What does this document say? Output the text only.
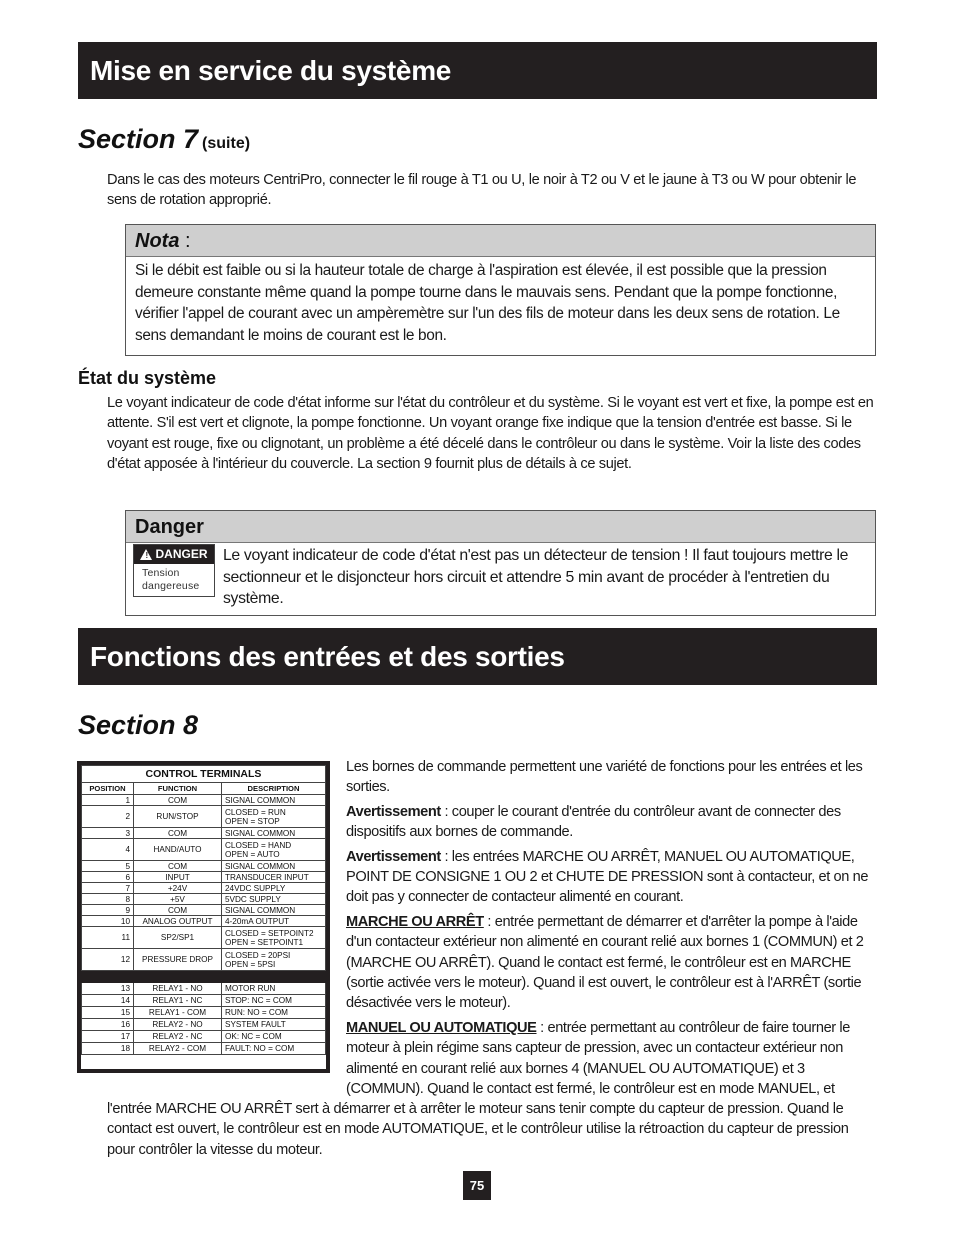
Mise en service du système
Section 7 (suite)
Dans le cas des moteurs CentriPro, connecter le fil rouge à T1 ou U, le noir à T2 ou V et le jaune à T3 ou W pour obtenir le sens de rotation approprié.
Nota :
Si le débit est faible ou si la hauteur totale de charge à l'aspiration est élevée, il est possible que la pression demeure constante même quand la pompe tourne dans le mauvais sens. Pendant que la pompe fonctionne, vérifier l'appel de courant avec un ampèremètre sur l'un des fils de moteur dans les deux sens de rotation. Le sens demandant le moins de courant est le bon.
État du système
Le voyant indicateur de code d'état informe sur l'état du contrôleur et du système. Si le voyant est vert et fixe, la pompe est en attente. S'il est vert et clignote, la pompe fonctionne. Un voyant orange fixe indique que la tension d'entrée est basse. Si le voyant est rouge, fixe ou clignotant, un problème a été décelé dans le contrôleur ou dans le système. Voir la liste des codes d'état apposée à l'intérieur du couvercle. La section 9 fournit plus de détails à ce sujet.
Danger
Le voyant indicateur de code d'état n'est pas un détecteur de tension ! Il faut toujours mettre le sectionneur et le disjoncteur hors circuit et attendre 5 min avant de procéder à l'entretien du système.
! DANGER
Tension
dangereuse
Fonctions des entrées et des sorties
Section 8
CONTROL TERMINALS		
POSITION	FUNCTION	DESCRIPTION
1	COM	SIGNAL COMMON

2	RUN/STOP	CLOSED = RUN
OPEN = STOP

3	COM	SIGNAL COMMON

4	HAND/AUTO	CLOSED = HAND
OPEN = AUTO

5	COM	SIGNAL COMMON

6	INPUT	TRANSDUCER INPUT

7	+24V	24VDC SUPPLY

8	+5V	5VDC SUPPLY

9	COM	SIGNAL COMMON

10	ANALOG OUTPUT	4-20mA OUTPUT

11	SP2/SP1	CLOSED = SETPOINT2
OPEN = SETPOINT1

12	PRESSURE DROP	CLOSED = 20PSI
OPEN = 5PSI

13	RELAY1 - NO	MOTOR RUN
14	RELAY1 - NC	STOP: NC = COM
15	RELAY1 - COM	RUN: NO = COM
16	RELAY2 - NO	SYSTEM FAULT
17	RELAY2 - NC	OK: NC = COM
18	RELAY2 - COM	FAULT: NO = COM

Les bornes de commande permettent une variété de fonctions pour les entrées et les sorties.

Avertissement : couper le courant d'entrée du contrôleur avant de connecter des dispositifs aux bornes de commande.

Avertissement : les entrées MARCHE OU ARRÊT, MANUEL OU AUTOMATIQUE, POINT DE CONSIGNE 1 OU 2 et CHUTE DE PRESSION sont à contacteur, et on ne doit pas y connecter de contacteur alimenté en courant.

MARCHE OU ARRÊT : entrée permettant de démarrer et d'arrêter la pompe à l'aide d'un contacteur extérieur non alimenté en courant relié aux bornes 1 (COMMUN) et 2 (MARCHE OU ARRÊT). Quand le contact est fermé, le contrôleur est en MARCHE (sortie activée vers le moteur). Quand il est ouvert, le contrôleur est à l'ARRÊT (sortie désactivée vers le moteur).

MANUEL OU AUTOMATIQUE : entrée permettant au contrôleur de faire tourner le moteur à plein régime sans capteur de pression, avec un contacteur extérieur non alimenté en courant relié aux bornes 4 (MANUEL OU AUTOMATIQUE) et 3 (COMMUN). Quand le contact est fermé, le contrôleur est en mode MANUEL, et

l'entrée MARCHE OU ARRÊT sert à démarrer et à arrêter le moteur sans tenir compte du capteur de pression. Quand le contact est ouvert, le contrôleur est en mode AUTOMATIQUE, et le contrôleur utilise la rétroaction du capteur de pression pour contrôler la vitesse du moteur.
75
